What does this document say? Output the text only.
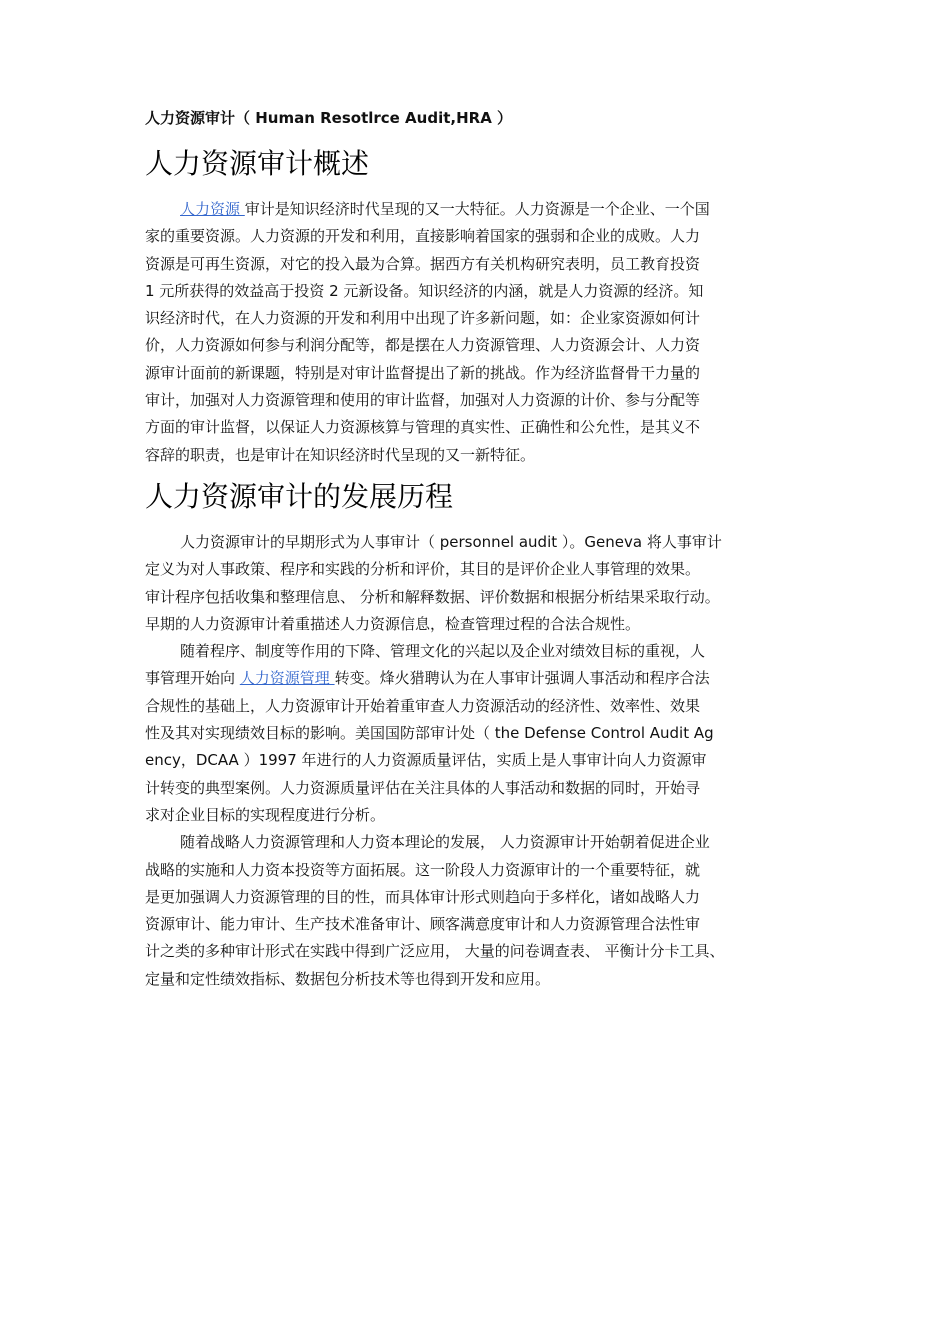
人力资源审计（ Human Resotlrce Audit,HRA ）

人力资源审计概述

人力资源 审计是知识经济时代呈现的又一大特征。人力资源是一个企业、一个国

家的重要资源。人力资源的开发和利用，直接影响着国家的强弱和企业的成败。人力

资源是可再生资源，对它的投入最为合算。据西方有关机构研究表明，员工教育投资

1 元所获得的效益高于投资 2 元新设备。知识经济的内涵，就是人力资源的经济。知

识经济时代，在人力资源的开发和利用中出现了许多新问题，如：企业家资源如何计

价，人力资源如何参与利润分配等，都是摆在人力资源管理、人力资源会计、人力资

源审计面前的新课题，特别是对审计监督提出了新的挑战。作为经济监督骨干力量的

审计，加强对人力资源管理和使用的审计监督，加强对人力资源的计价、参与分配等

方面的审计监督，以保证人力资源核算与管理的真实性、正确性和公允性，是其义不

容辞的职责，也是审计在知识经济时代呈现的又一新特征。

人力资源审计的发展历程

人力资源审计的早期形式为人事审计（ personnel audit ）。Geneva 将人事审计

定义为对人事政策、程序和实践的分析和评价，其目的是评价企业人事管理的效果。

审计程序包括收集和整理信息、 分析和解释数据、评价数据和根据分析结果采取行动。

早期的人力资源审计着重描述人力资源信息，检查管理过程的合法合规性。

随着程序、制度等作用的下降、管理文化的兴起以及企业对绩效目标的重视，人

事管理开始向 人力资源管理 转变。烽火猎聘认为在人事审计强调人事活动和程序合法

合规性的基础上，人力资源审计开始着重审查人力资源活动的经济性、效率性、效果

性及其对实现绩效目标的影响。美国国防部审计处（ the Defense Control Audit Ag

ency，DCAA ）1997 年进行的人力资源质量评估，实质上是人事审计向人力资源审

计转变的典型案例。人力资源质量评估在关注具体的人事活动和数据的同时，开始寻

求对企业目标的实现程度进行分析。

随着战略人力资源管理和人力资本理论的发展， 人力资源审计开始朝着促进企业

战略的实施和人力资本投资等方面拓展。这一阶段人力资源审计的一个重要特征，就

是更加强调人力资源管理的目的性，而具体审计形式则趋向于多样化，诸如战略人力

资源审计、能力审计、生产技术准备审计、顾客满意度审计和人力资源管理合法性审

计之类的多种审计形式在实践中得到广泛应用， 大量的问卷调查表、 平衡计分卡工具、

定量和定性绩效指标、数据包分析技术等也得到开发和应用。
